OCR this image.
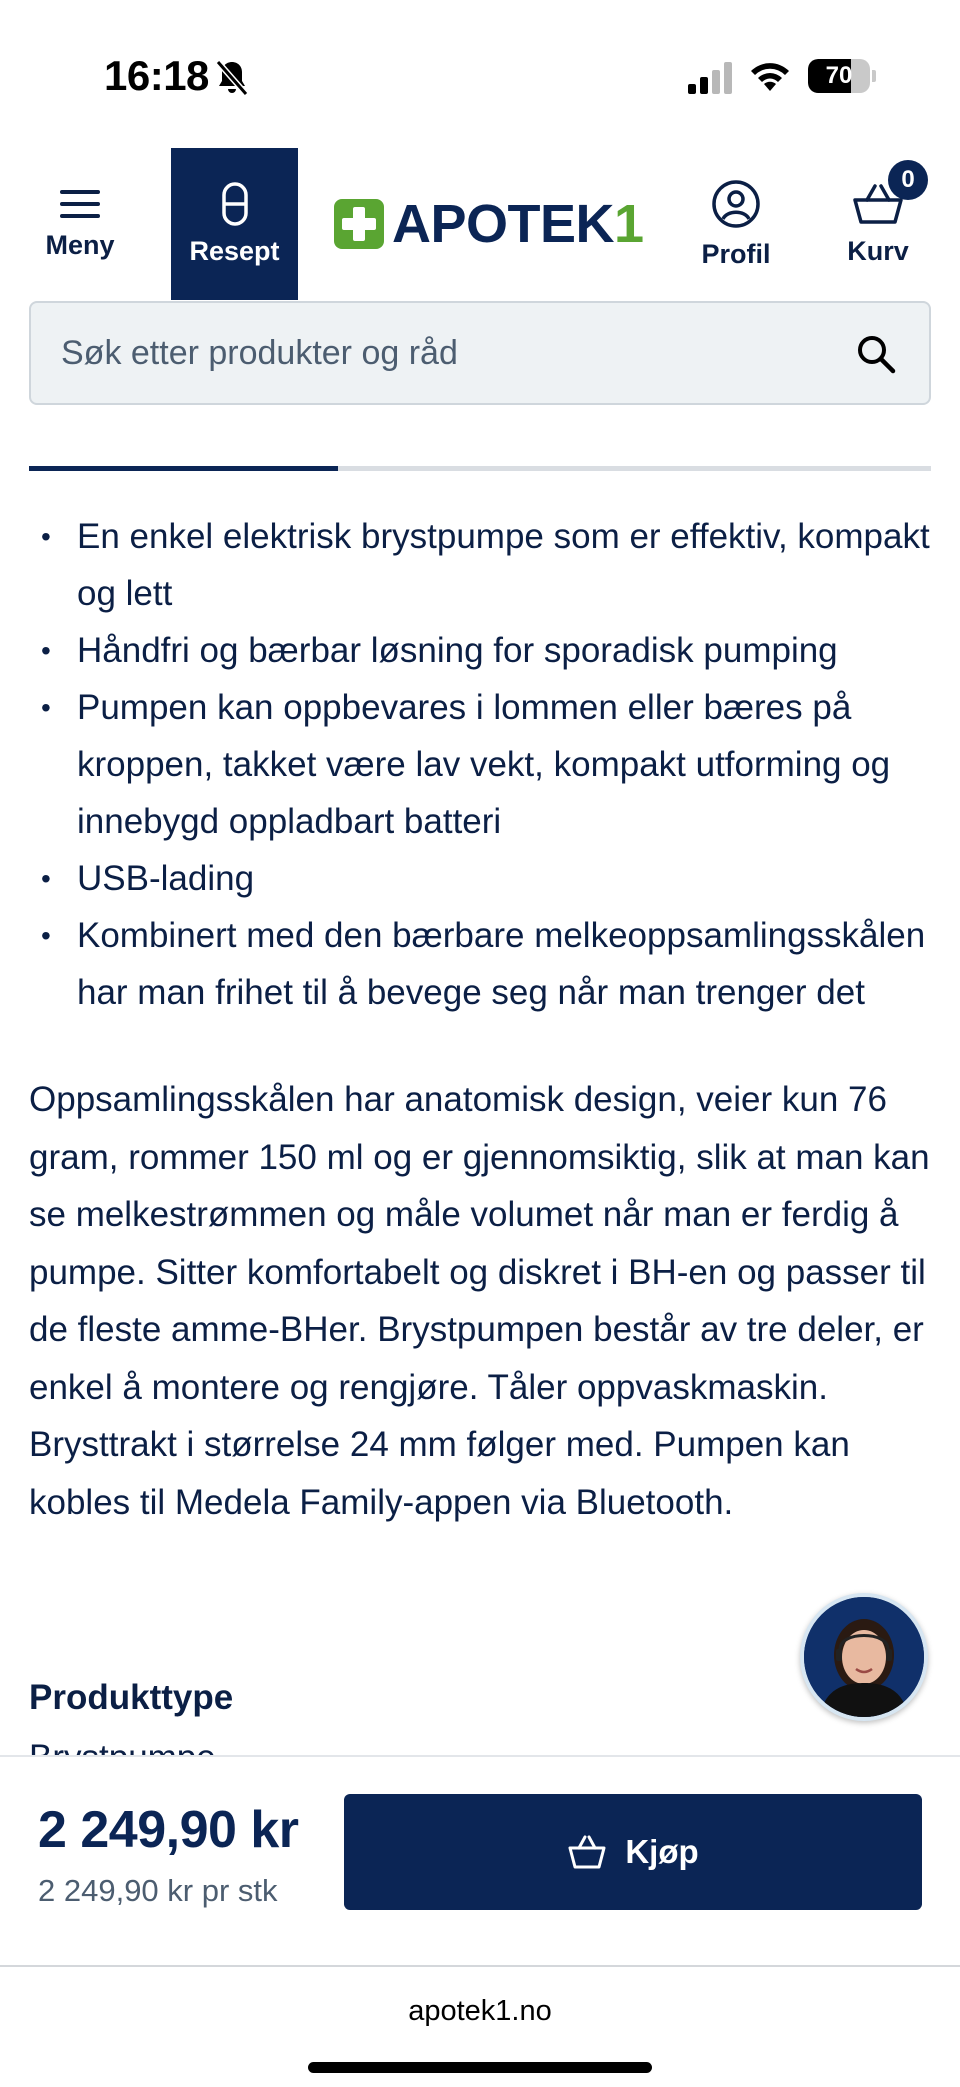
16:18	70
Meny	Resept APOTEK1 Profil	Kurv
0
Søk etter produkter og råd
• En enkel elektrisk brystpumpe som er effektiv, kompakt og lett
• Håndfri og bærbar løsning for sporadisk pumping
• Pumpen kan oppbevares i lommen eller bæres på kroppen, takket være lav vekt, kompakt utforming og innebygd oppladbart batteri
• USB-lading
• Kombinert med den bærbare melkeoppsamlingsskålen har man frihet til å bevege seg når man trenger det

Oppsamlingsskålen har anatomisk design, veier kun 76 gram, rommer 150 ml og er gjennomsiktig, slik at man kan se melkestrømmen og måle volumet når man er ferdig å pumpe. Sitter komfortabelt og diskret i BH-en og passer til de fleste amme-BHer. Brystpumpen består av tre deler, er enkel å montere og rengjøre. Tåler oppvaskmaskin. Brysttrakt i størrelse 24 mm følger med. Pumpen kan kobles til Medela Family-appen via Bluetooth.

Produkttype
2 249,90 kr
2 249,90 kr pr stk
Kjøp
apotek1.no
